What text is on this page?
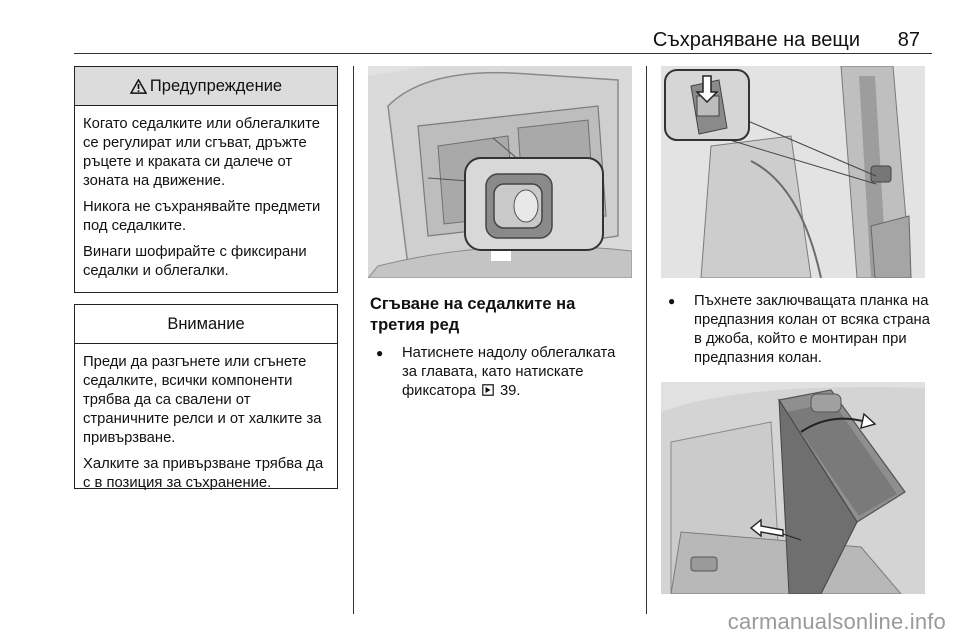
Съхраняване на вещи	87
Предупреждение

Когато седалките или облегалките се регулират или сгъват, дръжте ръцете и краката си далече от зоната на движение.

Никога не съхранявайте предмети под седалките.

Винаги шофирайте с фиксирани седалки и облегалки.

Внимание

Преди да разгънете или сгънете седалките, всички компоненти трябва да са свалени от страничните релси и от халките за привързване.

Халките за привързване трябва да с в позиция за съхранение.

Сгъване на седалките на третия ред
● Натиснете надолу облегалката за главата, като натискате фиксатора 39.
● Пъхнете заключващата планка на предпазния колан от всяка страна в джоба, който е монтиран при предпазния колан.
carmanualsonline.info
